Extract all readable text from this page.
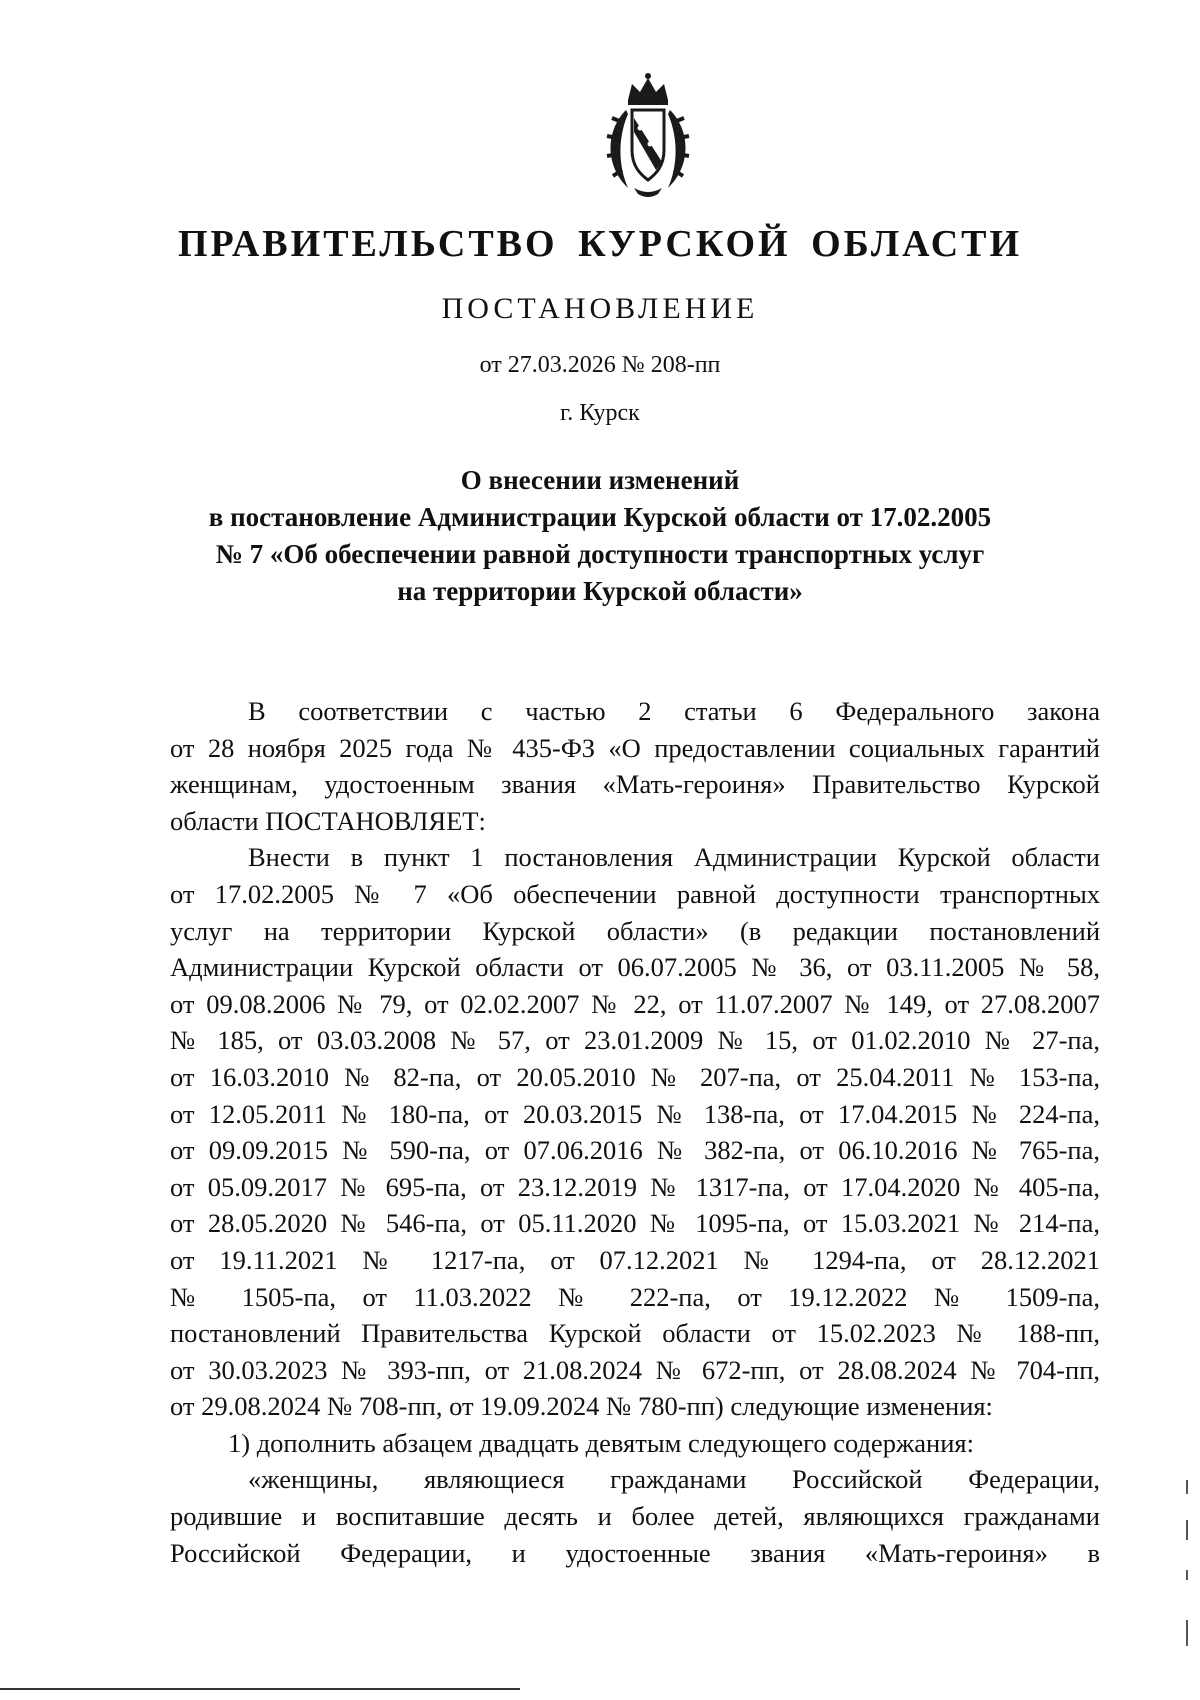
ПРАВИТЕЛЬСТВО КУРСКОЙ ОБЛАСТИ
ПОСТАНОВЛЕНИЕ
от 27.03.2026 № 208-пп
г. Курск
О внесении изменений
в постановление Администрации Курской области от 17.02.2005
№ 7 «Об обеспечении равной доступности транспортных услуг
на территории Курской области»
В соответствии с частью 2 статьи 6 Федерального закона
от 28 ноября 2025 года № 435-ФЗ «О предоставлении социальных гарантий
женщинам, удостоенным звания «Мать-героиня» Правительство Курской
области ПОСТАНОВЛЯЕТ:
Внести в пункт 1 постановления Администрации Курской области
от 17.02.2005 № 7 «Об обеспечении равной доступности транспортных
услуг на территории Курской области» (в редакции постановлений
Администрации Курской области от 06.07.2005 № 36, от 03.11.2005 № 58,
от 09.08.2006 № 79, от 02.02.2007 № 22, от 11.07.2007 № 149, от 27.08.2007
№ 185, от 03.03.2008 № 57, от 23.01.2009 № 15, от 01.02.2010 № 27-па,
от 16.03.2010 № 82-па, от 20.05.2010 № 207-па, от 25.04.2011 № 153-па,
от 12.05.2011 № 180-па, от 20.03.2015 № 138-па, от 17.04.2015 № 224-па,
от 09.09.2015 № 590-па, от 07.06.2016 № 382-па, от 06.10.2016 № 765-па,
от 05.09.2017 № 695-па, от 23.12.2019 № 1317-па, от 17.04.2020 № 405-па,
от 28.05.2020 № 546-па, от 05.11.2020 № 1095-па, от 15.03.2021 № 214-па,
от 19.11.2021 № 1217-па, от 07.12.2021 № 1294-па, от 28.12.2021
№ 1505-па, от 11.03.2022 № 222-па, от 19.12.2022 № 1509-па,
постановлений Правительства Курской области от 15.02.2023 № 188-пп,
от 30.03.2023 № 393-пп, от 21.08.2024 № 672-пп, от 28.08.2024 № 704-пп,
от 29.08.2024 № 708-пп, от 19.09.2024 № 780-пп) следующие изменения:
1) дополнить абзацем двадцать девятым следующего содержания:
«женщины, являющиеся гражданами Российской Федерации,
родившие и воспитавшие десять и более детей, являющихся гражданами
Российской Федерации, и удостоенные звания «Мать-героиня» в
